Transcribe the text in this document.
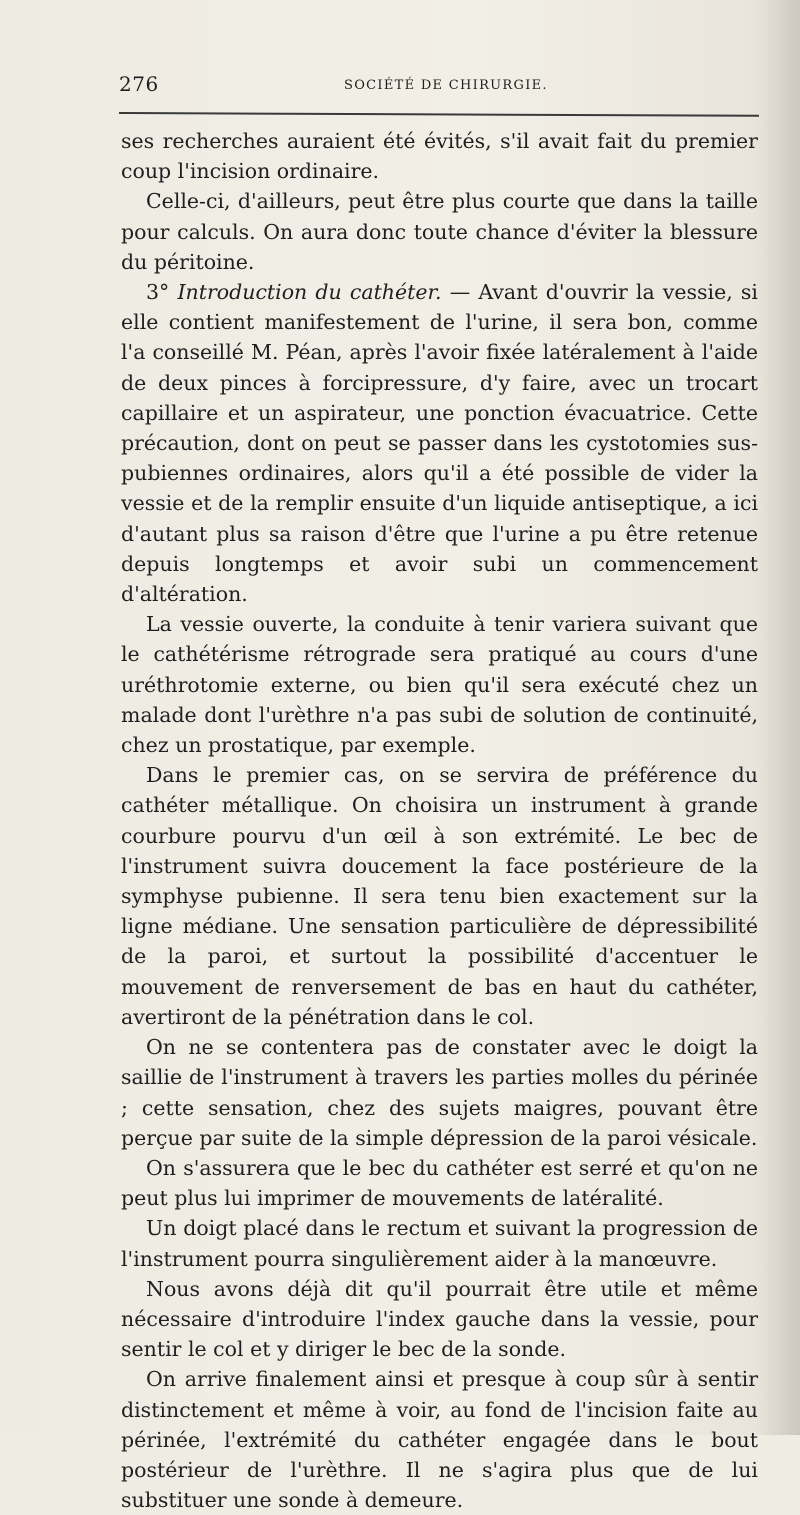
276	SOCIÉTÉ DE CHIRURGIE.

ses recherches auraient été évités, s'il avait fait du premier coup l'incision ordinaire.

Celle-ci, d'ailleurs, peut être plus courte que dans la taille pour calculs. On aura donc toute chance d'éviter la blessure du péritoine.

3° Introduction du cathéter. — Avant d'ouvrir la vessie, si elle contient manifestement de l'urine, il sera bon, comme l'a conseillé M. Péan, après l'avoir fixée latéralement à l'aide de deux pinces à forcipressure, d'y faire, avec un trocart capillaire et un aspirateur, une ponction évacuatrice. Cette précaution, dont on peut se passer dans les cystotomies sus-pubiennes ordinaires, alors qu'il a été possible de vider la vessie et de la remplir ensuite d'un liquide antiseptique, a ici d'autant plus sa raison d'être que l'urine a pu être retenue depuis longtemps et avoir subi un commencement d'altération.

La vessie ouverte, la conduite à tenir variera suivant que le cathétérisme rétrograde sera pratiqué au cours d'une uréthrotomie externe, ou bien qu'il sera exécuté chez un malade dont l'urèthre n'a pas subi de solution de continuité, chez un prostatique, par exemple.

Dans le premier cas, on se servira de préférence du cathéter métallique. On choisira un instrument à grande courbure pourvu d'un œil à son extrémité. Le bec de l'instrument suivra doucement la face postérieure de la symphyse pubienne. Il sera tenu bien exactement sur la ligne médiane. Une sensation particulière de dépressibilité de la paroi, et surtout la possibilité d'accentuer le mouvement de renversement de bas en haut du cathéter, avertiront de la pénétration dans le col.

On ne se contentera pas de constater avec le doigt la saillie de l'instrument à travers les parties molles du périnée ; cette sensation, chez des sujets maigres, pouvant être perçue par suite de la simple dépression de la paroi vésicale.

On s'assurera que le bec du cathéter est serré et qu'on ne peut plus lui imprimer de mouvements de latéralité.

Un doigt placé dans le rectum et suivant la progression de l'instrument pourra singulièrement aider à la manœuvre.

Nous avons déjà dit qu'il pourrait être utile et même nécessaire d'introduire l'index gauche dans la vessie, pour sentir le col et y diriger le bec de la sonde.

On arrive finalement ainsi et presque à coup sûr à sentir distinctement et même à voir, au fond de l'incision faite au périnée, l'extrémité du cathéter engagée dans le bout postérieur de l'urèthre. Il ne s'agira plus que de lui substituer une sonde à demeure.
